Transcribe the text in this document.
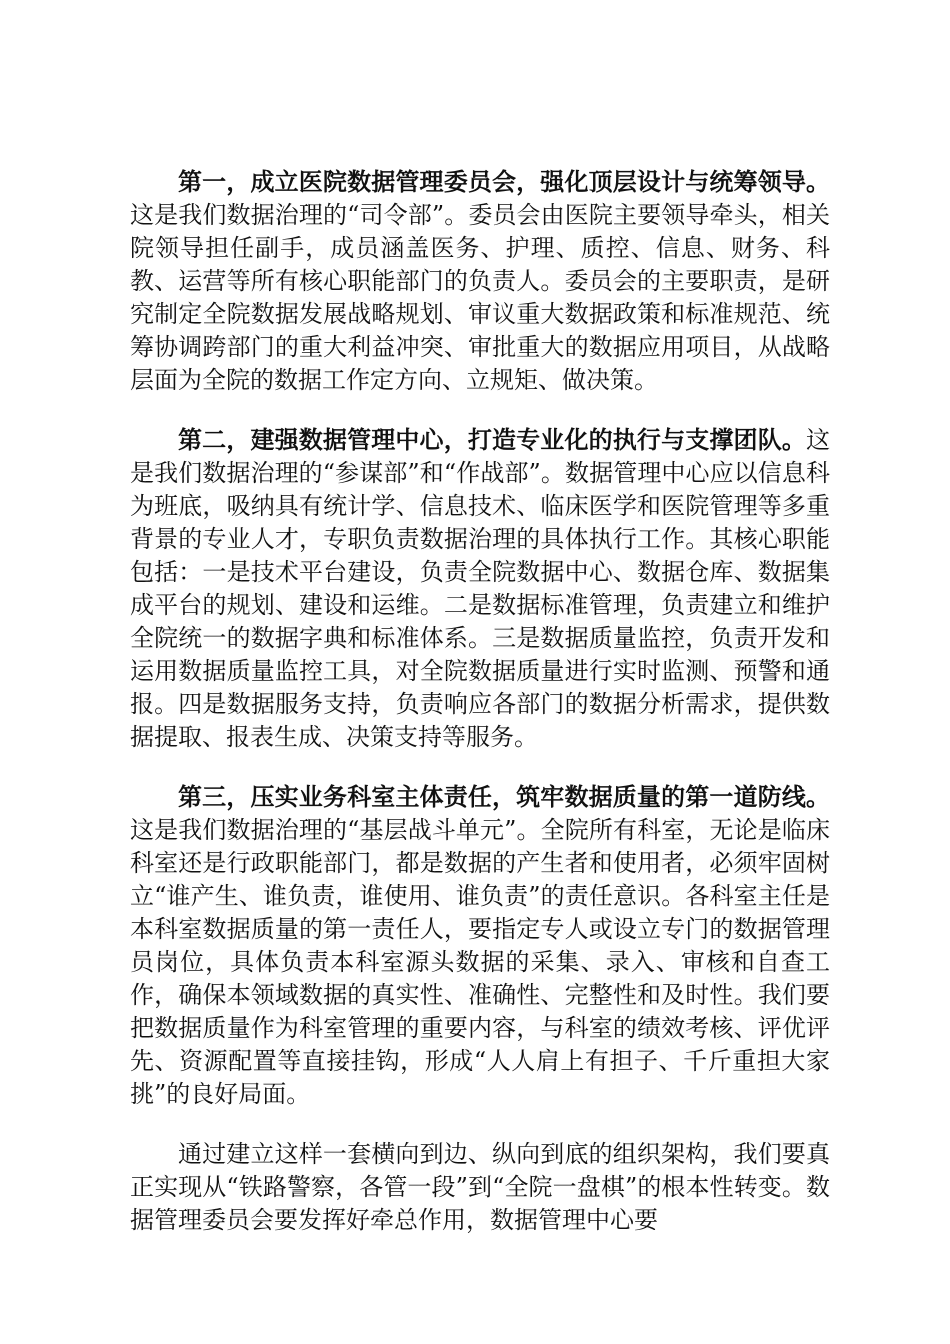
第一，成立医院数据管理委员会，强化顶层设计与统筹领导。这是我们数据治理的“司令部”。委员会由医院主要领导牵头，相关院领导担任副手，成员涵盖医务、护理、质控、信息、财务、科教、运营等所有核心职能部门的负责人。委员会的主要职责，是研究制定全院数据发展战略规划、审议重大数据政策和标准规范、统筹协调跨部门的重大利益冲突、审批重大的数据应用项目，从战略层面为全院的数据工作定方向、立规矩、做决策。

第二，建强数据管理中心，打造专业化的执行与支撑团队。这是我们数据治理的“参谋部”和“作战部”。数据管理中心应以信息科为班底，吸纳具有统计学、信息技术、临床医学和医院管理等多重背景的专业人才，专职负责数据治理的具体执行工作。其核心职能包括：一是技术平台建设，负责全院数据中心、数据仓库、数据集成平台的规划、建设和运维。二是数据标准管理，负责建立和维护全院统一的数据字典和标准体系。三是数据质量监控，负责开发和运用数据质量监控工具，对全院数据质量进行实时监测、预警和通报。四是数据服务支持，负责响应各部门的数据分析需求，提供数据提取、报表生成、决策支持等服务。

第三，压实业务科室主体责任，筑牢数据质量的第一道防线。这是我们数据治理的“基层战斗单元”。全院所有科室，无论是临床科室还是行政职能部门，都是数据的产生者和使用者，必须牢固树立“谁产生、谁负责，谁使用、谁负责”的责任意识。各科室主任是本科室数据质量的第一责任人，要指定专人或设立专门的数据管理员岗位，具体负责本科室源头数据的采集、录入、审核和自查工作，确保本领域数据的真实性、准确性、完整性和及时性。我们要把数据质量作为科室管理的重要内容，与科室的绩效考核、评优评先、资源配置等直接挂钩，形成“人人肩上有担子、千斤重担大家挑”的良好局面。

通过建立这样一套横向到边、纵向到底的组织架构，我们要真正实现从“铁路警察，各管一段”到“全院一盘棋”的根本性转变。数据管理委员会要发挥好牵总作用，数据管理中心要
